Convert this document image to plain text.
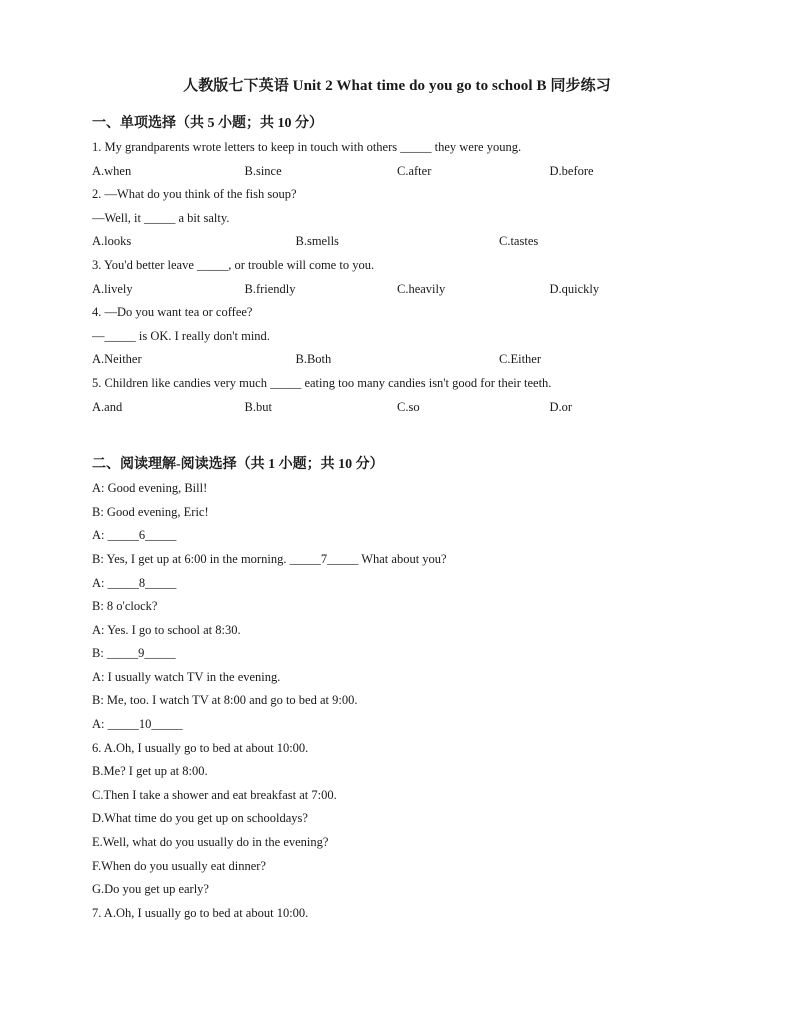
人教版七下英语 Unit 2 What time do you go to school B 同步练习
一、单项选择（共 5 小题；共 10 分）
1. My grandparents wrote letters to keep in touch with others _____ they were young.
A.when	B.since	C.after	D.before
2. —What do you think of the fish soup?
—Well, it _____ a bit salty.
A.looks	B.smells	C.tastes
3. You'd better leave _____, or trouble will come to you.
A.lively	B.friendly	C.heavily	D.quickly
4. —Do you want tea or coffee?
—_____ is OK. I really don't mind.
A.Neither	B.Both	C.Either
5. Children like candies very much _____ eating too many candies isn't good for their teeth.
A.and	B.but	C.so	D.or
二、阅读理解-阅读选择（共 1 小题；共 10 分）
A: Good evening, Bill!
B: Good evening, Eric!
A: _____6_____
B: Yes, I get up at 6:00 in the morning. _____7_____ What about you?
A: _____8_____
B: 8 o'clock?
A: Yes. I go to school at 8:30.
B: _____9_____
A: I usually watch TV in the evening.
B: Me, too. I watch TV at 8:00 and go to bed at 9:00.
A: _____10_____
6. A.Oh, I usually go to bed at about 10:00.
B.Me? I get up at 8:00.
C.Then I take a shower and eat breakfast at 7:00.
D.What time do you get up on schooldays?
E.Well, what do you usually do in the evening?
F.When do you usually eat dinner?
G.Do you get up early?
7. A.Oh, I usually go to bed at about 10:00.
